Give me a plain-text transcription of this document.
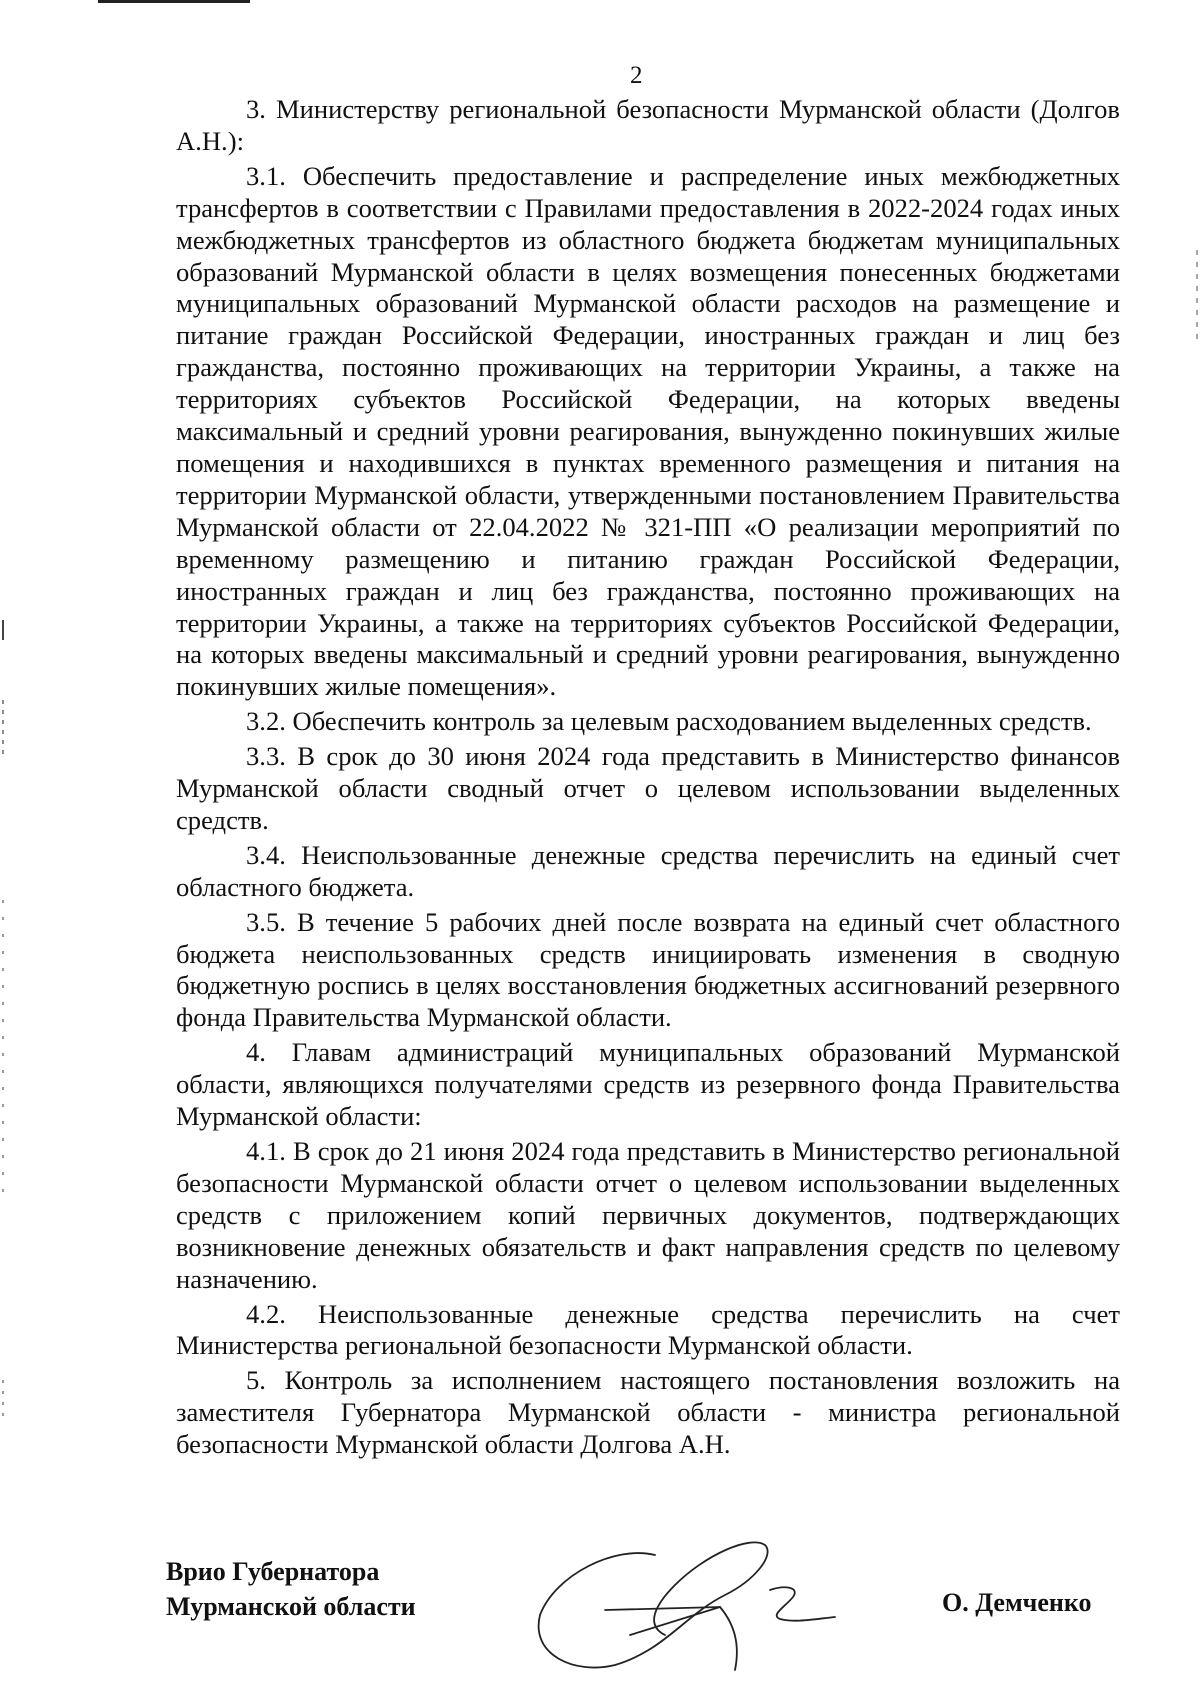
2

3. Министерству региональной безопасности Мурманской области (Долгов А.Н.):

3.1. Обеспечить предоставление и распределение иных межбюджетных трансфертов в соответствии с Правилами предоставления в 2022-2024 годах иных межбюджетных трансфертов из областного бюджета бюджетам муниципальных образований Мурманской области в целях возмещения понесенных бюджетами муниципальных образований Мурманской области расходов на размещение и питание граждан Российской Федерации, иностранных граждан и лиц без гражданства, постоянно проживающих на территории Украины, а также на территориях субъектов Российской Федерации, на которых введены максимальный и средний уровни реагирования, вынужденно покинувших жилые помещения и находившихся в пунктах временного размещения и питания на территории Мурманской области, утвержденными постановлением Правительства Мурманской области от 22.04.2022 № 321-ПП «О реализации мероприятий по временному размещению и питанию граждан Российской Федерации, иностранных граждан и лиц без гражданства, постоянно проживающих на территории Украины, а также на территориях субъектов Российской Федерации, на которых введены максимальный и средний уровни реагирования, вынужденно покинувших жилые помещения».

3.2. Обеспечить контроль за целевым расходованием выделенных средств.

3.3. В срок до 30 июня 2024 года представить в Министерство финансов Мурманской области сводный отчет о целевом использовании выделенных средств.

3.4. Неиспользованные денежные средства перечислить на единый счет областного бюджета.

3.5. В течение 5 рабочих дней после возврата на единый счет областного бюджета неиспользованных средств инициировать изменения в сводную бюджетную роспись в целях восстановления бюджетных ассигнований резервного фонда Правительства Мурманской области.

4. Главам администраций муниципальных образований Мурманской области, являющихся получателями средств из резервного фонда Правительства Мурманской области:

4.1. В срок до 21 июня 2024 года представить в Министерство региональной безопасности Мурманской области отчет о целевом использовании выделенных средств с приложением копий первичных документов, подтверждающих возникновение денежных обязательств и факт направления средств по целевому назначению.

4.2. Неиспользованные денежные средства перечислить на счет Министерства региональной безопасности Мурманской области.

5. Контроль за исполнением настоящего постановления возложить на заместителя Губернатора Мурманской области - министра региональной безопасности Мурманской области Долгова А.Н.

Врио Губернатора
Мурманской области	О. Демченко
